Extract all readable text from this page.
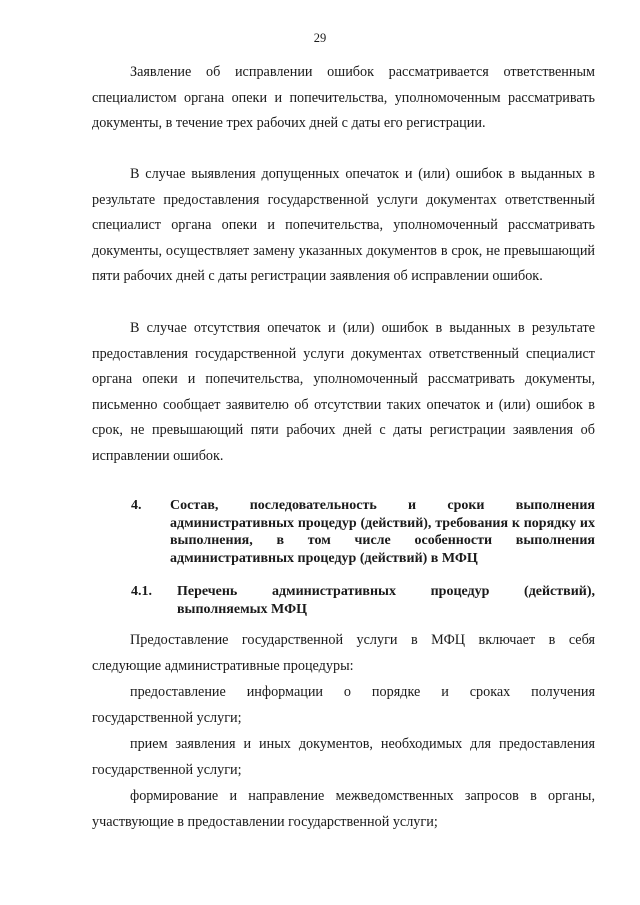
29

Заявление об исправлении ошибок рассматривается ответственным специалистом органа опеки и попечительства, уполномоченным рассматривать документы, в течение трех рабочих дней с даты его регистрации.

В случае выявления допущенных опечаток и (или) ошибок в выданных в результате предоставления государственной услуги документах ответственный специалист органа опеки и попечительства, уполномоченный рассматривать документы, осуществляет замену указанных документов в срок, не превышающий пяти рабочих дней с даты регистрации заявления об исправлении ошибок.

В случае отсутствия опечаток и (или) ошибок в выданных в результате предоставления государственной услуги документах ответственный специалист органа опеки и попечительства, уполномоченный рассматривать документы, письменно сообщает заявителю об отсутствии таких опечаток и (или) ошибок в срок, не превышающий пяти рабочих дней с даты регистрации заявления об исправлении ошибок.

4. Состав, последовательность и сроки выполнения административных процедур (действий), требования к порядку их выполнения, в том числе особенности выполнения административных процедур (действий) в МФЦ
4.1. Перечень административных процедур (действий), выполняемых МФЦ

Предоставление государственной услуги в МФЦ включает в себя следующие административные процедуры:

предоставление информации о порядке и сроках получения государственной услуги;

прием заявления и иных документов, необходимых для предоставления государственной услуги;

формирование и направление межведомственных запросов в органы, участвующие в предоставлении государственной услуги;
